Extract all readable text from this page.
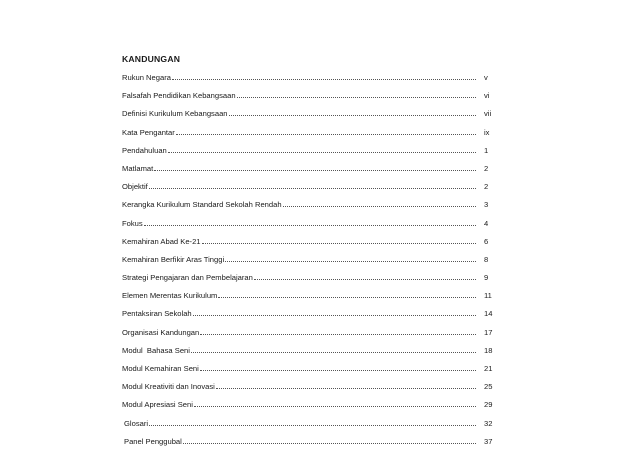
KANDUNGAN
Rukun Negara	v
Falsafah Pendidikan Kebangsaan	vi
Definisi Kurikulum Kebangsaan	vii
Kata Pengantar	ix
Pendahuluan	1
Matlamat	2
Objektif	2
Kerangka Kurikulum Standard Sekolah Rendah	3
Fokus	4
Kemahiran Abad Ke-21	6
Kemahiran Berfikir Aras Tinggi	8
Strategi Pengajaran dan Pembelajaran	9
Elemen Merentas Kurikulum	11
Pentaksiran Sekolah	14
Organisasi Kandungan	17
Modul  Bahasa Seni	18
Modul Kemahiran Seni	21
Modul Kreativiti dan Inovasi	25
Modul Apresiasi Seni	29
Glosari	32
Panel Penggubal	37
